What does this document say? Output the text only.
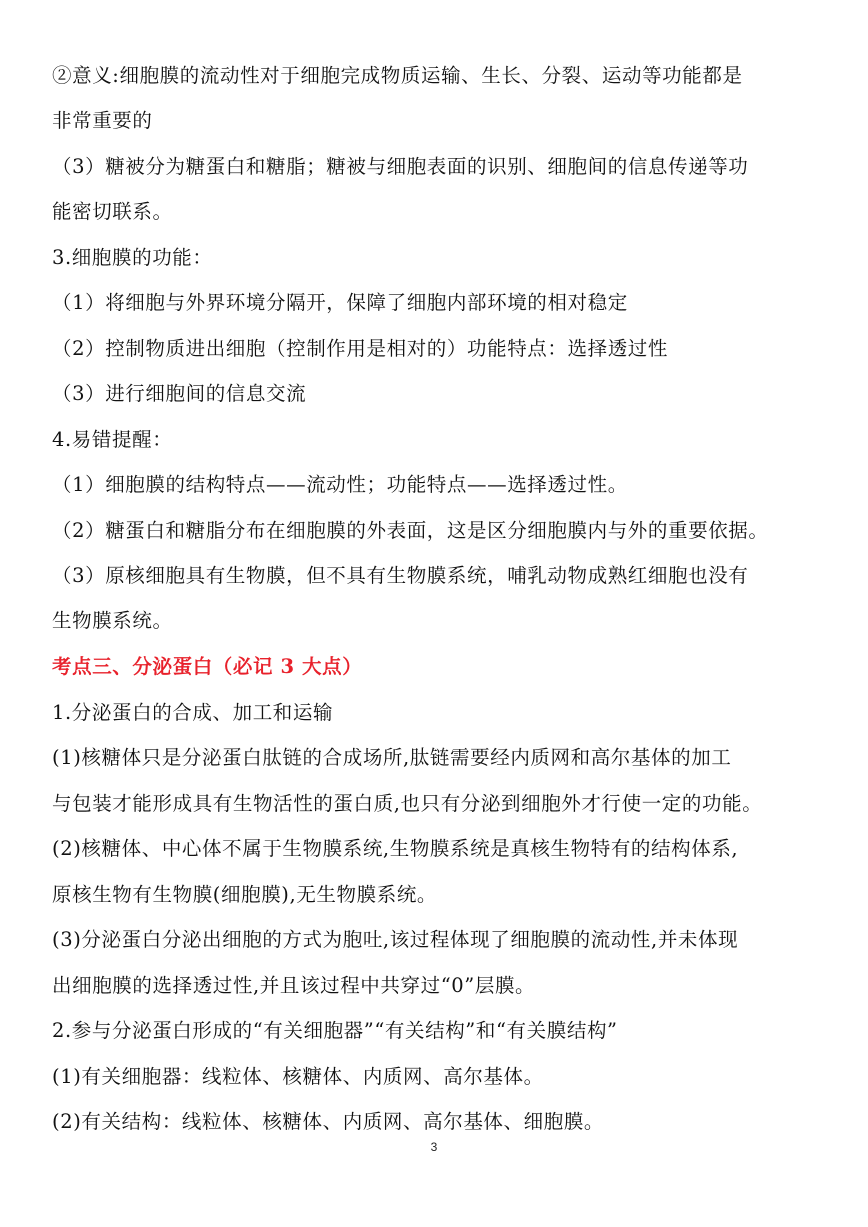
②意义:细胞膜的流动性对于细胞完成物质运输、生长、分裂、运动等功能都是
非常重要的
（3）糖被分为糖蛋白和糖脂；糖被与细胞表面的识别、细胞间的信息传递等功
能密切联系。
3.细胞膜的功能：
（1）将细胞与外界环境分隔开，保障了细胞内部环境的相对稳定
（2）控制物质进出细胞（控制作用是相对的）功能特点：选择透过性
（3）进行细胞间的信息交流
4.易错提醒：
（1）细胞膜的结构特点——流动性；功能特点——选择透过性。
（2）糖蛋白和糖脂分布在细胞膜的外表面，这是区分细胞膜内与外的重要依据。
（3）原核细胞具有生物膜，但不具有生物膜系统，哺乳动物成熟红细胞也没有
生物膜系统。
考点三、分泌蛋白（必记 3 大点）
1.分泌蛋白的合成、加工和运输
(1)核糖体只是分泌蛋白肽链的合成场所,肽链需要经内质网和高尔基体的加工
与包装才能形成具有生物活性的蛋白质,也只有分泌到细胞外才行使一定的功能。
(2)核糖体、中心体不属于生物膜系统,生物膜系统是真核生物特有的结构体系,
原核生物有生物膜(细胞膜),无生物膜系统。
(3)分泌蛋白分泌出细胞的方式为胞吐,该过程体现了细胞膜的流动性,并未体现
出细胞膜的选择透过性,并且该过程中共穿过“0”层膜。
2.参与分泌蛋白形成的“有关细胞器”“有关结构”和“有关膜结构”
(1)有关细胞器：线粒体、核糖体、内质网、高尔基体。
(2)有关结构：线粒体、核糖体、内质网、高尔基体、细胞膜。
3
